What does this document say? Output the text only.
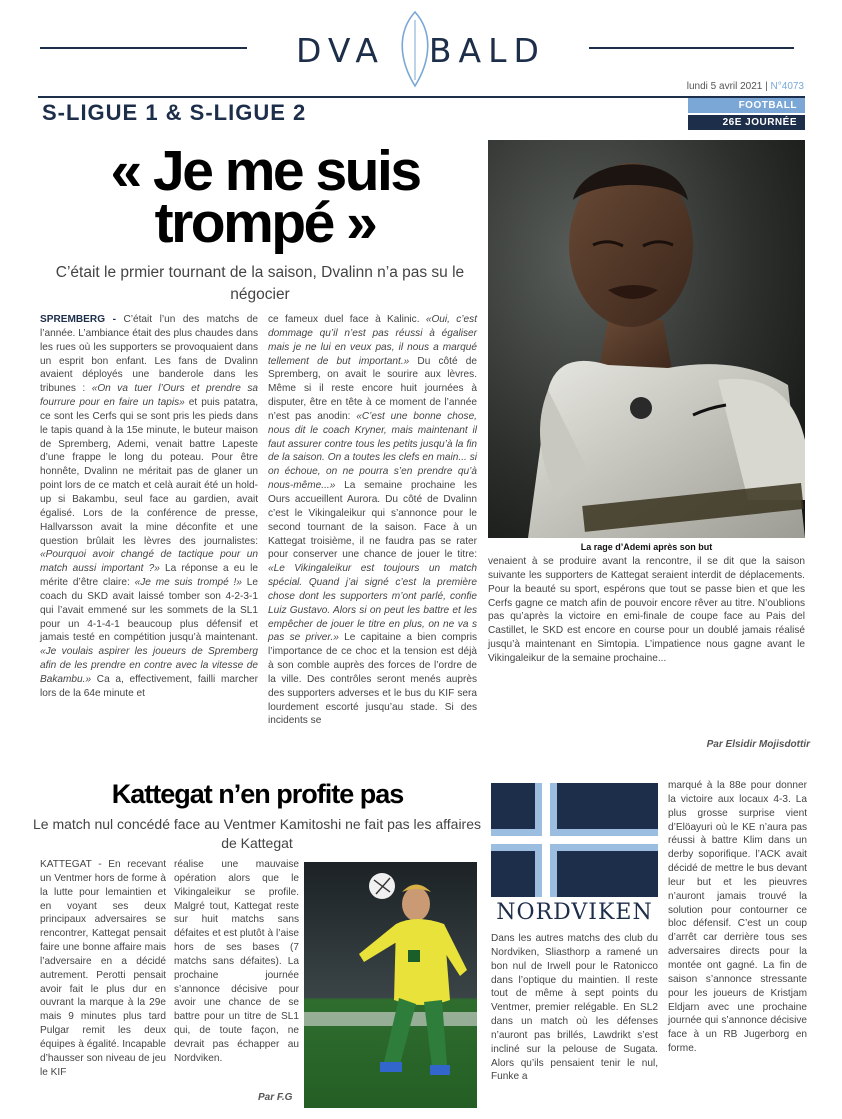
DVA BALD
lundi 5 avril 2021 | N°4073
S-LIGUE 1 & S-LIGUE 2	FOOTBALL
26E JOURNÉE
« Je me suis trompé »

C’était le prmier tournant de la saison, Dvalinn n’a pas su le négocier

SPREMBERG - C’était l’un des matchs de l’année. L’ambiance était des plus chaudes dans les rues où les supporters se provoquaient dans un esprit bon enfant. Les fans de Dvalinn avaient déployés une banderole dans les tribunes : «On va tuer l’Ours et prendre sa fourrure pour en faire un tapis» et puis patatra, ce sont les Cerfs qui se sont pris les pieds dans le tapis quand à la 15e minute, le buteur maison de Spremberg, Ademi, venait battre Lapeste d’une frappe le long du poteau. Pour être honnête, Dvalinn ne méritait pas de glaner un point lors de ce match et celà aurait été un hold-up si Bakambu, seul face au gardien, avait égalisé. Lors de la conférence de presse, Hallvarsson avait la mine déconfite et une question brûlait les lèvres des journalistes: «Pourquoi avoir changé de tactique pour un match aussi important ?» La réponse a eu le mérite d’être claire: «Je me suis trompé !» Le coach du SKD avait laissé tomber son 4-2-3-1 qui l’avait emmené sur les sommets de la SL1 pour un 4-1-4-1 beaucoup plus défensif et jamais testé en compétition jusqu’à maintenant. «Je voulais aspirer les joueurs de Spremberg afin de les prendre en contre avec la vitesse de Bakambu.» Ca a, effectivement, failli marcher lors de la 64e minute et
ce fameux duel face à Kalinic. «Oui, c’est dommage qu’il n’est pas réussi à égaliser mais je ne lui en veux pas, il nous a marqué tellement de but important.» Du côté de Spremberg, on avait le sourire aux lèvres. Même si il reste encore huit journées à disputer, être en tête à ce moment de l’année n’est pas anodin: «C’est une bonne chose, nous dit le coach Kryner, mais maintenant il faut assurer contre tous les petits jusqu’à la fin de la saison. On a toutes les clefs en main... si on échoue, on ne pourra s’en prendre qu’à nous-même...» La semaine prochaine les Ours accueillent Aurora. Du côté de Dvalinn c’est le Vikingaleikur qui s’annonce pour le second tournant de la saison. Face à un Kattegat troisième, il ne faudra pas se rater pour conserver une chance de jouer le titre: «Le Vikingaleikur est toujours un match spécial. Quand j’ai signé c’est la première chose dont les supporters m’ont parlé, confie Luiz Gustavo. Alors si on peut les battre et les empêcher de jouer le titre en plus, on ne va s pas se priver.» Le capitaine a bien compris l’importance de ce choc et la tension est déjà à son comble auprès des forces de l’ordre de la ville. Des contrôles seront menés auprès des supporters adverses et le bus du KIF sera lourdement escorté jusqu’au stade. Si des incidents se
La rage d’Ademi après son but
venaient à se produire avant la rencontre, il se dit que la saison suivante les supporters de Kattegat seraient interdit de déplacements. Pour la beauté su sport, espérons que tout se passe bien et que les Cerfs gagne ce match afin de pouvoir encore rêver au titre. N’oublions pas qu’après la victoire en emi-finale de coupe face au Pais del Castillet, le SKD est encore en course pour un doublé jamais réalisé jusqu’à maintenant en Simtopia. L’impatience nous gagne avant le Vikingaleikur de la semaine prochaine...
Par Elsidir Mojisdottir
Kattegat n’en profite pas

Le match nul concédé face au Ventmer Kamitoshi ne fait pas les affaires de Kattegat

KATTEGAT - En recevant un Ventmer hors de forme à la lutte pour lemaintien et en voyant ses deux principaux adversaires se rencontrer, Kattegat pensait faire une bonne affaire mais l’adversaire en a décidé autrement. Perotti pensait avoir fait le plus dur en ouvrant la marque à la 29e mais 9 minutes plus tard Pulgar remit les deux équipes à égalité. Incapable d’hausser son niveau de jeu le KIF
réalise une mauvaise opération alors que le Vikingaleikur se profile. Malgré tout, Kattegat reste sur huit matchs sans défaites et est plutôt à l’aise hors de ses bases (7 matchs sans défaites). La prochaine journée s’annonce décisive pour avoir une chance de se battre pour un titre de SL1 qui, de toute façon, ne devrait pas échapper au Nordviken.
Par F.G
NORDVIKEN
Dans les autres matchs des club du Nordviken, Sliasthorp a ramené un bon nul de Irwell pour le Ratonicco dans l’optique du maintien. Il reste tout de même à sept points du Ventmer, premier relégable. En SL2 dans un match où les défenses n’auront pas brillés, Lawdrikt s’est incliné sur la pelouse de Sugata. Alors qu’ils pensaient tenir le nul, Funke a
marqué à la 88e pour donner la victoire aux locaux 4-3. La plus grosse surprise vient d’Elöayuri où le KE n’aura pas réussi à battre Klim dans un derby soporifique. l’ACK avait décidé de mettre le bus devant leur but et les pieuvres n’auront jamais trouvé la solution pour contourner ce bloc défensif. C’est un coup d’arrêt car derrière tous ses adversaires directs pour la montée ont gagné. La fin de saison s’annonce stressante pour les joueurs de Kristjam Eldjarn avec une prochaine journée qui s’annonce décisive face à un RB Jugerborg en forme.
